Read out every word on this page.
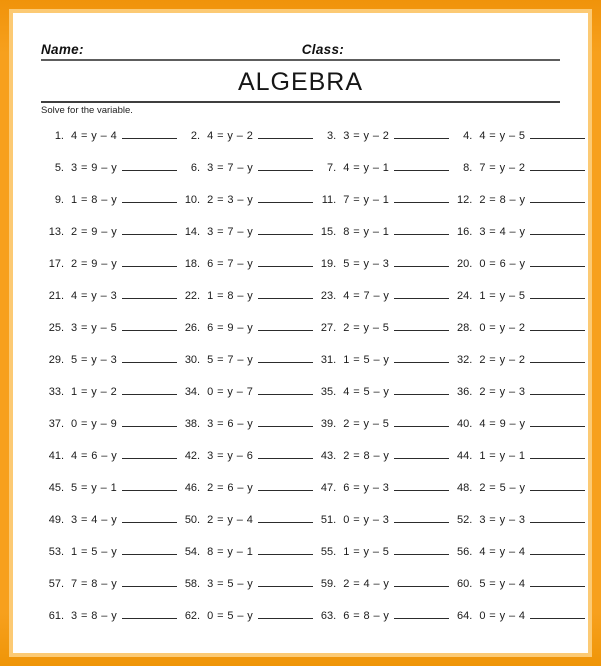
Name:	Class:
ALGEBRA
Solve for the variable.
1. 4 = y – 4	2. 4 = y – 2	3. 3 = y – 2	4. 4 = y – 5
5. 3 = 9 – y	6. 3 = 7 – y	7. 4 = y – 1	8. 7 = y – 2
9. 1 = 8 – y	10. 2 = 3 – y	11. 7 = y – 1	12. 2 = 8 – y
13. 2 = 9 – y	14. 3 = 7 – y	15. 8 = y – 1	16. 3 = 4 – y
17. 2 = 9 – y	18. 6 = 7 – y	19. 5 = y – 3	20. 0 = 6 – y
21. 4 = y – 3	22. 1 = 8 – y	23. 4 = 7 – y	24. 1 = y – 5
25. 3 = y – 5	26. 6 = 9 – y	27. 2 = y – 5	28. 0 = y – 2
29. 5 = y – 3	30. 5 = 7 – y	31. 1 = 5 – y	32. 2 = y – 2
33. 1 = y – 2	34. 0 = y – 7	35. 4 = 5 – y	36. 2 = y – 3
37. 0 = y – 9	38. 3 = 6 – y	39. 2 = y – 5	40. 4 = 9 – y
41. 4 = 6 – y	42. 3 = y – 6	43. 2 = 8 – y	44. 1 = y – 1
45. 5 = y – 1	46. 2 = 6 – y	47. 6 = y – 3	48. 2 = 5 – y
49. 3 = 4 – y	50. 2 = y – 4	51. 0 = y – 3	52. 3 = y – 3
53. 1 = 5 – y	54. 8 = y – 1	55. 1 = y – 5	56. 4 = y – 4
57. 7 = 8 – y	58. 3 = 5 – y	59. 2 = 4 – y	60. 5 = y – 4
61. 3 = 8 – y	62. 0 = 5 – y	63. 6 = 8 – y	64. 0 = y – 4
